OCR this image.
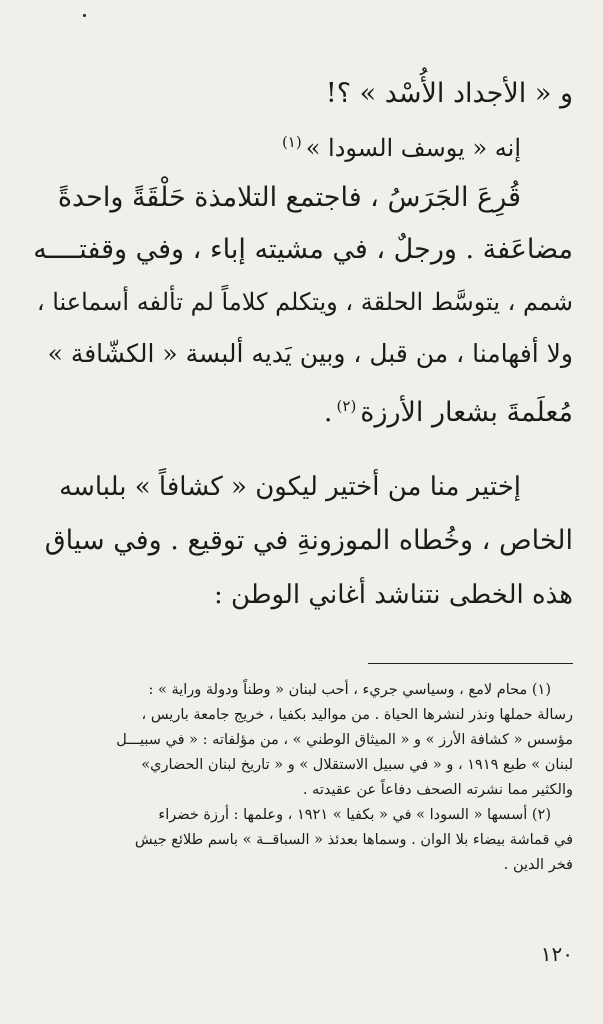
و « الأجداد الأُسْد » ؟!
إنه « يوسف السودا »$^{(١)}$
قُرِعَ الجَرَسُ ، فاجتمع التلامذة حَلْقَةً واحدةً
مضاعَفة . ورجلٌ ، في مشيته إباء ، وفي وقفتــــه
شمم ، يتوسَّط الحلقة ، ويتكلم كلاماً لم تألفه أسماعنا ،
ولا أفهامنا ، من قبل ، وبين يَديه ألبسة « الكشّافة »
مُعلَمةَ بشعار الأرزة$^{(٢)}$.
إختير منا من أختير ليكون « كشافاً » بلباسه
الخاص ، وخُطاه الموزونةِ في توقيع . وفي سياق
هذه الخطى نتناشد أغاني الوطن :
(١) محام لامع ، وسياسي جريء ، أحب لبنان « وطناً ودولة وراية » :
رسالة حملها ونذر لنشرها الحياة . من مواليد بكفيا ، خريج جامعة باريس ،
مؤسس « كشافة الأرز » و « الميثاق الوطني » ، من مؤلفاته : « في سبيـــل
لبنان » طبع ١٩١٩ ، و « في سبيل الاستقلال » و « تاريخ لبنان الحضاري»
والكثير مما نشرته الصحف دفاعاً عن عقيدته .
(٢) أسسها « السودا » في « بكفيا » ١٩٢١ ، وعلمها : أرزة خضراء
في قماشة بيضاء بلا الوان . وسماها بعدئذ « السباقــة » باسم طلائع جيش
فخر الدين .
١٢٠
